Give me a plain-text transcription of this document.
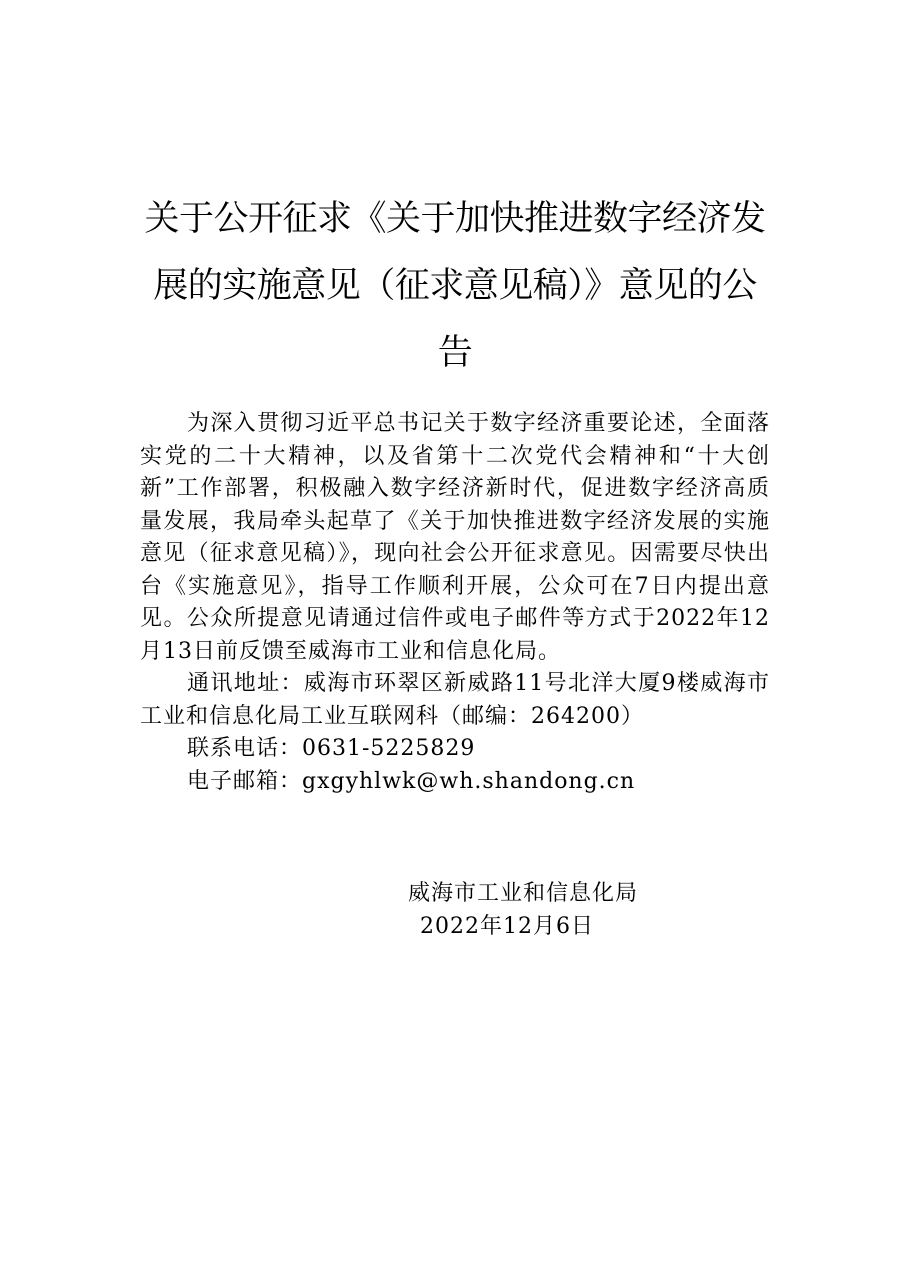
关于公开征求《关于加快推进数字经济发展的实施意见（征求意见稿）》意见的公告

为深入贯彻习近平总书记关于数字经济重要论述，全面落实党的二十大精神，以及省第十二次党代会精神和“十大创新”工作部署，积极融入数字经济新时代，促进数字经济高质量发展，我局牵头起草了《关于加快推进数字经济发展的实施意见（征求意见稿）》，现向社会公开征求意见。因需要尽快出台《实施意见》，指导工作顺利开展，公众可在7日内提出意见。公众所提意见请通过信件或电子邮件等方式于2022年12月13日前反馈至威海市工业和信息化局。

通讯地址：威海市环翠区新威路11号北洋大厦9楼威海市工业和信息化局工业互联网科（邮编：264200）

联系电话：0631-5225829

电子邮箱：gxgyhlwk@wh.shandong.cn

威海市工业和信息化局
2022年12月6日
